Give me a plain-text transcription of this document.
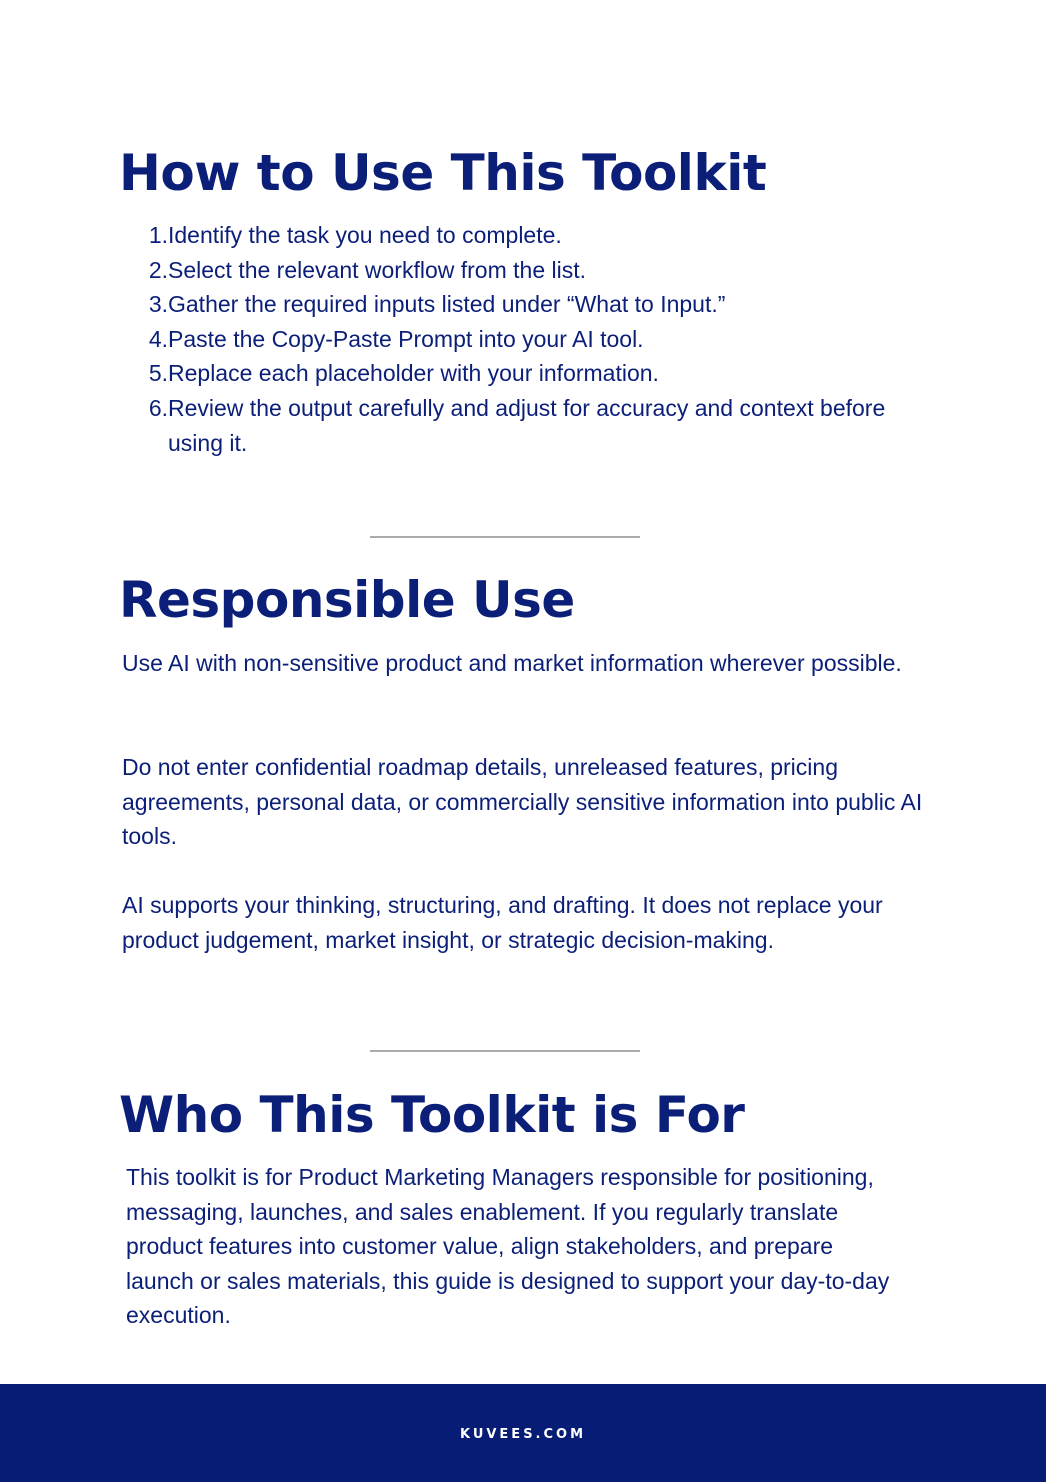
How to Use This Toolkit
1. Identify the task you need to complete.
2. Select the relevant workflow from the list.
3. Gather the required inputs listed under “What to Input.”
4. Paste the Copy-Paste Prompt into your AI tool.
5. Replace each placeholder with your information.
6. Review the output carefully and adjust for accuracy and context before using it.
Responsible Use

Use AI with non-sensitive product and market information wherever possible.

Do not enter confidential roadmap details, unreleased features, pricing agreements, personal data, or commercially sensitive information into public AI tools.

AI supports your thinking, structuring, and drafting. It does not replace your product judgement, market insight, or strategic decision-making.

Who This Toolkit is For

This toolkit is for Product Marketing Managers responsible for positioning, messaging, launches, and sales enablement. If you regularly translate product features into customer value, align stakeholders, and prepare launch or sales materials, this guide is designed to support your day-to-day execution.

KUVEES.COM
